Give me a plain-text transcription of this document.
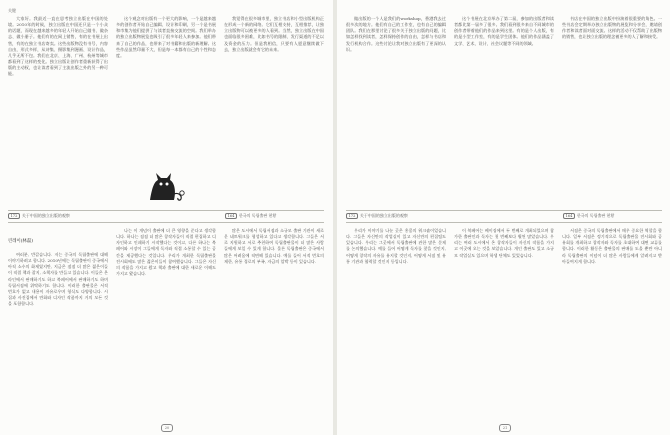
关键

大家好。我最近一直在思考独立出版在中国的处境。2010年的时候，独立出版在中国还只是一个小众的话题，而现在越来越多的年轻人开始自己做书、做杂志、做小册子。他们有的在网上销售，有的在书展上出售，有的在独立书店寄卖。这些出版物没有书号，内容自由，形式多样，从诗集、摄影集到漫画、设计作品，几乎无所不包。我们在北京、上海、广州、杭州等城市都看到了这样的变化。独立出版让创作者重新获得了出版的主动权，也让读者看到了主流出版之外的另一种可能。

这个观念对出版有一个更大的影响，一个是越来越多的创作者开始自己编辑、设计和印刷，另一个是书展和市集为他们提供了与读者直接交流的空间。我们举办的独立出版物展览也吸引了很多年轻人来参加。他们带来了自己的作品，也带来了对书籍和出版的新理解。这些作品虽然印量不大，但是每一本都有自己的个性和态度。

我觉得在很多城市里，独立书店和小型出版机构正在形成一个新的网络。它们互相支持，互相推荐，让独立出版物可以被更多的人看到。当然，独立出版在中国也面临很多困难，比如书号的限制、发行渠道的不足以及资金的压力。但是我相信，只要有人愿意继续做下去，独立出版就会有它的未来。

172 关于中国的独立出版的观察	164 한국의 독립출판 현황
린레이(林磊)

여러분, 반갑습니다. 저는 중국의 독립출판에 대해 이야기하려고 합니다. 2010년에는 독립출판이 중국에서 아직 소수의 화제였지만, 지금은 점점 더 많은 젊은이들이 직접 책과 잡지, 소책자를 만들고 있습니다. 이들은 온라인에서 판매하기도 하고 북페어에서 판매하기도 하며 독립서점에 위탁하기도 합니다. 이러한 출판물은 서적 번호가 없고 내용이 자유로우며 형식도 다양합니다. 시집과 사진집에서 만화와 디자인 작품까지 거의 모든 것을 포함합니다.

나는 이 개념이 출판에 더 큰 영향을 준다고 생각합니다. 하나는 점점 더 많은 창작자들이 직접 편집하고 디자인하고 인쇄하기 시작했다는 것이고, 다른 하나는 북페어와 시장이 그들에게 독자와 직접 소통할 수 있는 공간을 제공했다는 것입니다. 우리가 개최한 독립출판물 전시회에도 많은 젊은이들이 참여했습니다. 그들은 자신의 작품을 가지고 왔고 책과 출판에 대한 새로운 이해도 가지고 왔습니다.

많은 도시에서 독립서점과 소규모 출판 기관이 새로운 네트워크를 형성하고 있다고 생각합니다. 그들은 서로 지원하고 서로 추천하여 독립출판물이 더 많은 사람들에게 보일 수 있게 합니다. 물론 독립출판은 중국에서 많은 어려움에 직면해 있습니다. 예를 들어 서적 번호의 제한, 유통 경로의 부족, 자금의 압박 등이 있습니다.

20

做出版的一个人是我们的workshop，香港我去过很多次的地方。他们有自己的工作室，也有自己的编辑团队。我们在那里讨论了很多关于独立出版的问题，比如怎样找到读者，怎样保持创作的自由，怎样与书店和发行机构合作。这些讨论让我对独立出版有了更深的认识。

这个书展在北京举办了第二届，参加的出版者和读者都比第一届多了很多。我们看到很多来自不同城市的创作者带着他们的作品来到这里。有的是个人出版，有的是小型工作室，有的是学生团体。他们的作品涵盖了文学、艺术、设计、社会议题等不同的领域。

书店在中国的独立出版中扮演着很重要的角色。一些书店会定期举办独立出版物的展览和分享会，邀请创作者和读者面对面交流。这样的活动不仅帮助了出版物的销售，也让独立出版的理念被更多的人了解和接受。

172 关于中国的独立出版的观察	164 한국의 독립출판 현황

우리가 이야기를 나눈 곳은 홍콩의 워크숍이었습니다. 그들은 자신만의 작업실이 있고 자신만의 편집팀도 있습니다. 우리는 그곳에서 독립출판에 관한 많은 문제를 논의했습니다. 예를 들어 어떻게 독자를 찾을 것인지, 어떻게 창작의 자유를 유지할 것인지, 어떻게 서점 및 유통 기관과 협력할 것인지 등입니다.

이 북페어는 베이징에서 두 번째로 개최되었으며 참가한 출판인과 독자는 첫 번째보다 훨씬 많았습니다. 우리는 여러 도시에서 온 창작자들이 자신의 작품을 가지고 이곳에 오는 것을 보았습니다. 개인 출판도 있고 소규모 작업실도 있으며 학생 단체도 있었습니다.

서점은 중국의 독립출판에서 매우 중요한 역할을 합니다. 일부 서점은 정기적으로 독립출판물 전시회와 공유회를 개최하고 창작자와 독자를 초대하여 대면 교류를 합니다. 이러한 활동은 출판물의 판매를 도울 뿐만 아니라 독립출판의 이념이 더 많은 사람들에게 알려지고 받아들여지게 합니다.

21
